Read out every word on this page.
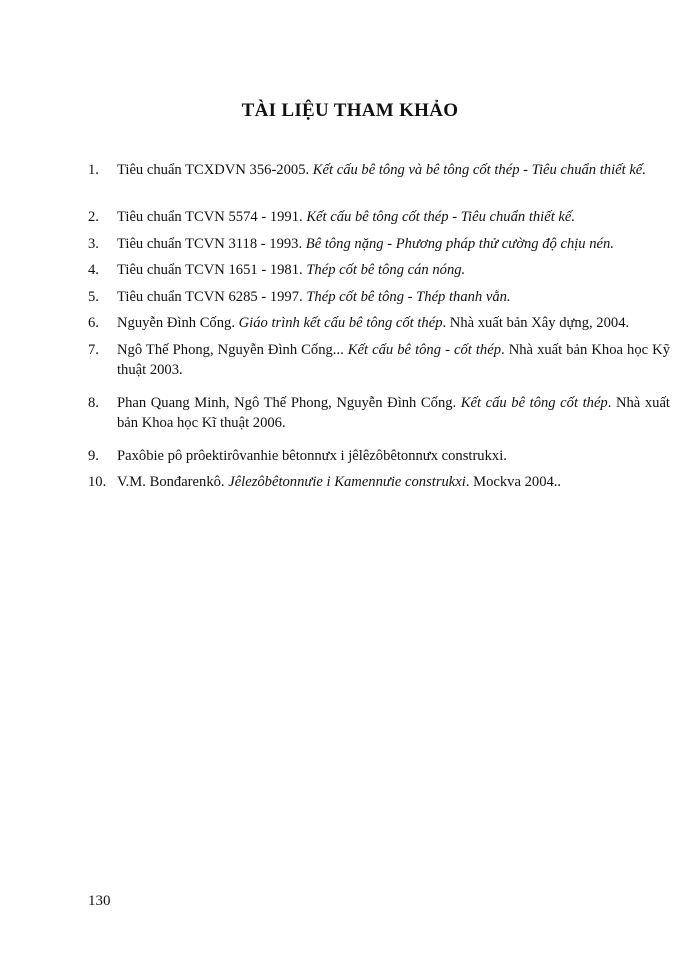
TÀI LIỆU THAM KHẢO
1. Tiêu chuẩn TCXDVN 356-2005. Kết cấu bê tông và bê tông cốt thép - Tiêu chuẩn thiết kế.
2. Tiêu chuẩn TCVN 5574 - 1991. Kết cấu bê tông cốt thép - Tiêu chuẩn thiết kế.
3. Tiêu chuẩn TCVN 3118 - 1993. Bê tông nặng - Phương pháp thử cường độ chịu nén.
4. Tiêu chuẩn TCVN 1651 - 1981. Thép cốt bê tông cán nóng.
5. Tiêu chuẩn TCVN 6285 - 1997. Thép cốt bê tông - Thép thanh vằn.
6. Nguyễn Đình Cống. Giáo trình kết cấu bê tông cốt thép. Nhà xuất bản Xây dựng, 2004.
7. Ngô Thế Phong, Nguyễn Đình Cống... Kết cấu bê tông - cốt thép. Nhà xuất bản Khoa học Kỹ thuật 2003.
8. Phan Quang Minh, Ngô Thế Phong, Nguyễn Đình Cống. Kết cấu bê tông cốt thép. Nhà xuất bản Khoa học Kĩ thuật 2006.
9. Paxôbie pô prôektirôvanhie bêtonnưx i jêlêzôbêtonnưx construkxi.
10. V.M. Bonđarenkô. Jêlezôbêtonnưie i Kamennưie construkxi. Mockva 2004..
130
